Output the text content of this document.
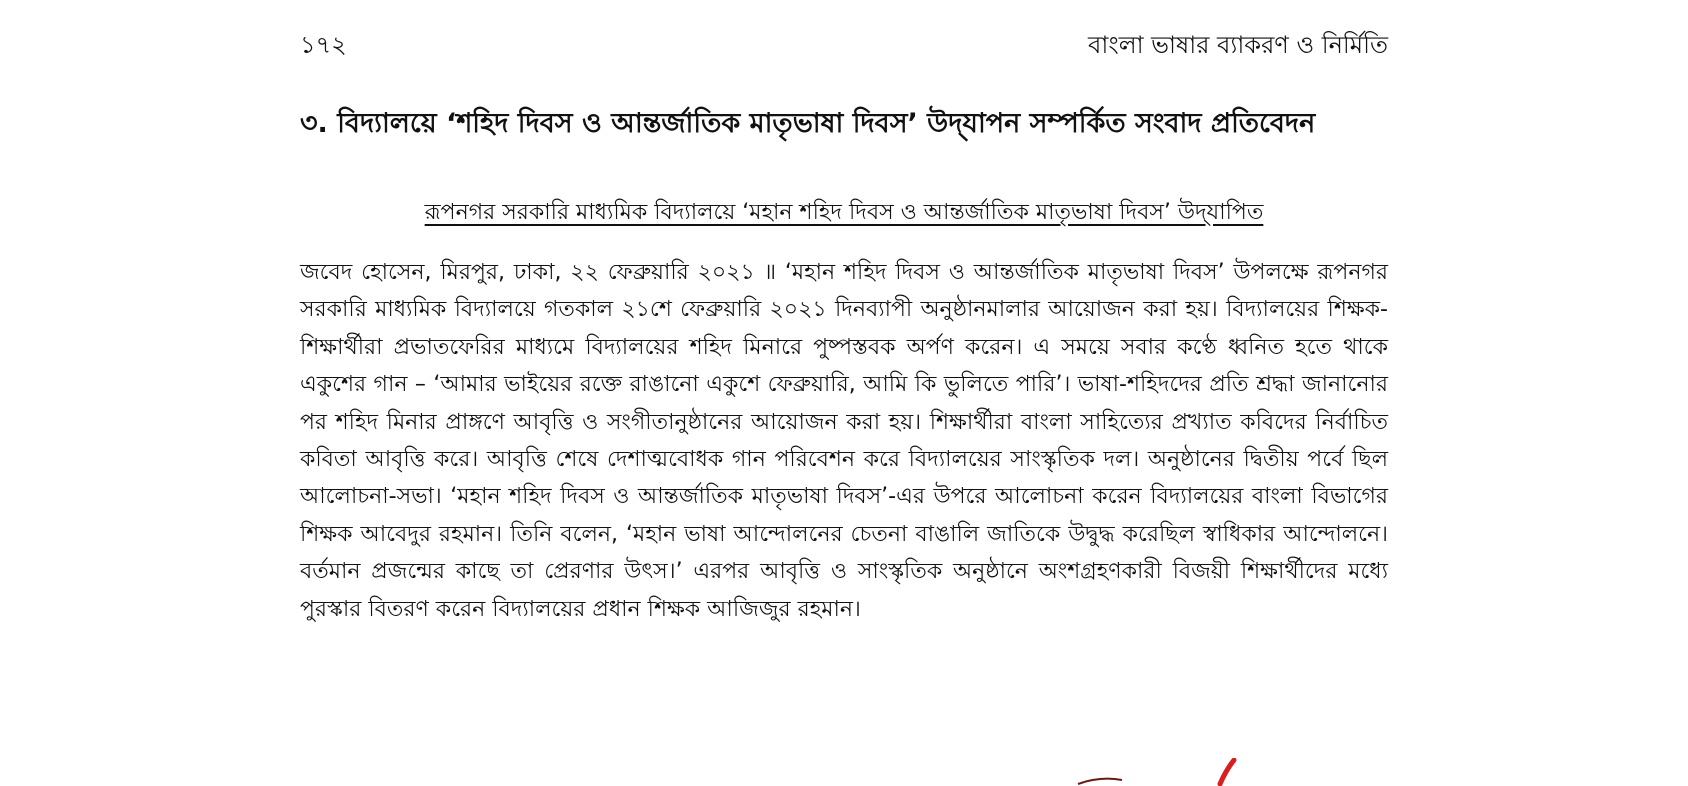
১৭২	বাংলা ভাষার ব্যাকরণ ও নির্মিতি
৩. বিদ্যালয়ে ‘শহিদ দিবস ও আন্তর্জাতিক মাতৃভাষা দিবস’ উদ্‌যাপন সম্পর্কিত সংবাদ প্রতিবেদন
রূপনগর সরকারি মাধ্যমিক বিদ্যালয়ে ‘মহান শহিদ দিবস ও আন্তর্জাতিক মাতৃভাষা দিবস’ উদ্‌যাপিত

জবেদ হোসেন, মিরপুর, ঢাকা, ২২ ফেব্রুয়ারি ২০২১ ॥ ‘মহান শহিদ দিবস ও আন্তর্জাতিক মাতৃভাষা দিবস’ উপলক্ষে রূপনগর সরকারি মাধ্যমিক বিদ্যালয়ে গতকাল ২১শে ফেব্রুয়ারি ২০২১ দিনব্যাপী অনুষ্ঠানমালার আয়োজন করা হয়। বিদ্যালয়ের শিক্ষক-শিক্ষার্থীরা প্রভাতফেরির মাধ্যমে বিদ্যালয়ের শহিদ মিনারে পুষ্পস্তবক অর্পণ করেন। এ সময়ে সবার কণ্ঠে ধ্বনিত হতে থাকে একুশের গান – ‘আমার ভাইয়ের রক্তে রাঙানো একুশে ফেব্রুয়ারি, আমি কি ভুলিতে পারি’। ভাষা-শহিদদের প্রতি শ্রদ্ধা জানানোর পর শহিদ মিনার প্রাঙ্গণে আবৃত্তি ও সংগীতানুষ্ঠানের আয়োজন করা হয়। শিক্ষার্থীরা বাংলা সাহিত্যের প্রখ্যাত কবিদের নির্বাচিত কবিতা আবৃত্তি করে। আবৃত্তি শেষে দেশাত্মবোধক গান পরিবেশন করে বিদ্যালয়ের সাংস্কৃতিক দল। অনুষ্ঠানের দ্বিতীয় পর্বে ছিল আলোচনা-সভা। ‘মহান শহিদ দিবস ও আন্তর্জাতিক মাতৃভাষা দিবস’-এর উপরে আলোচনা করেন বিদ্যালয়ের বাংলা বিভাগের শিক্ষক আবেদুর রহমান। তিনি বলেন, ‘মহান ভাষা আন্দোলনের চেতনা বাঙালি জাতিকে উদ্বুদ্ধ করেছিল স্বাধিকার আন্দোলনে। বর্তমান প্রজন্মের কাছে তা প্রেরণার উৎস।’ এরপর আবৃত্তি ও সাংস্কৃতিক অনুষ্ঠানে অংশগ্রহণকারী বিজয়ী শিক্ষার্থীদের মধ্যে পুরস্কার বিতরণ করেন বিদ্যালয়ের প্রধান শিক্ষক আজিজুর রহমান।
